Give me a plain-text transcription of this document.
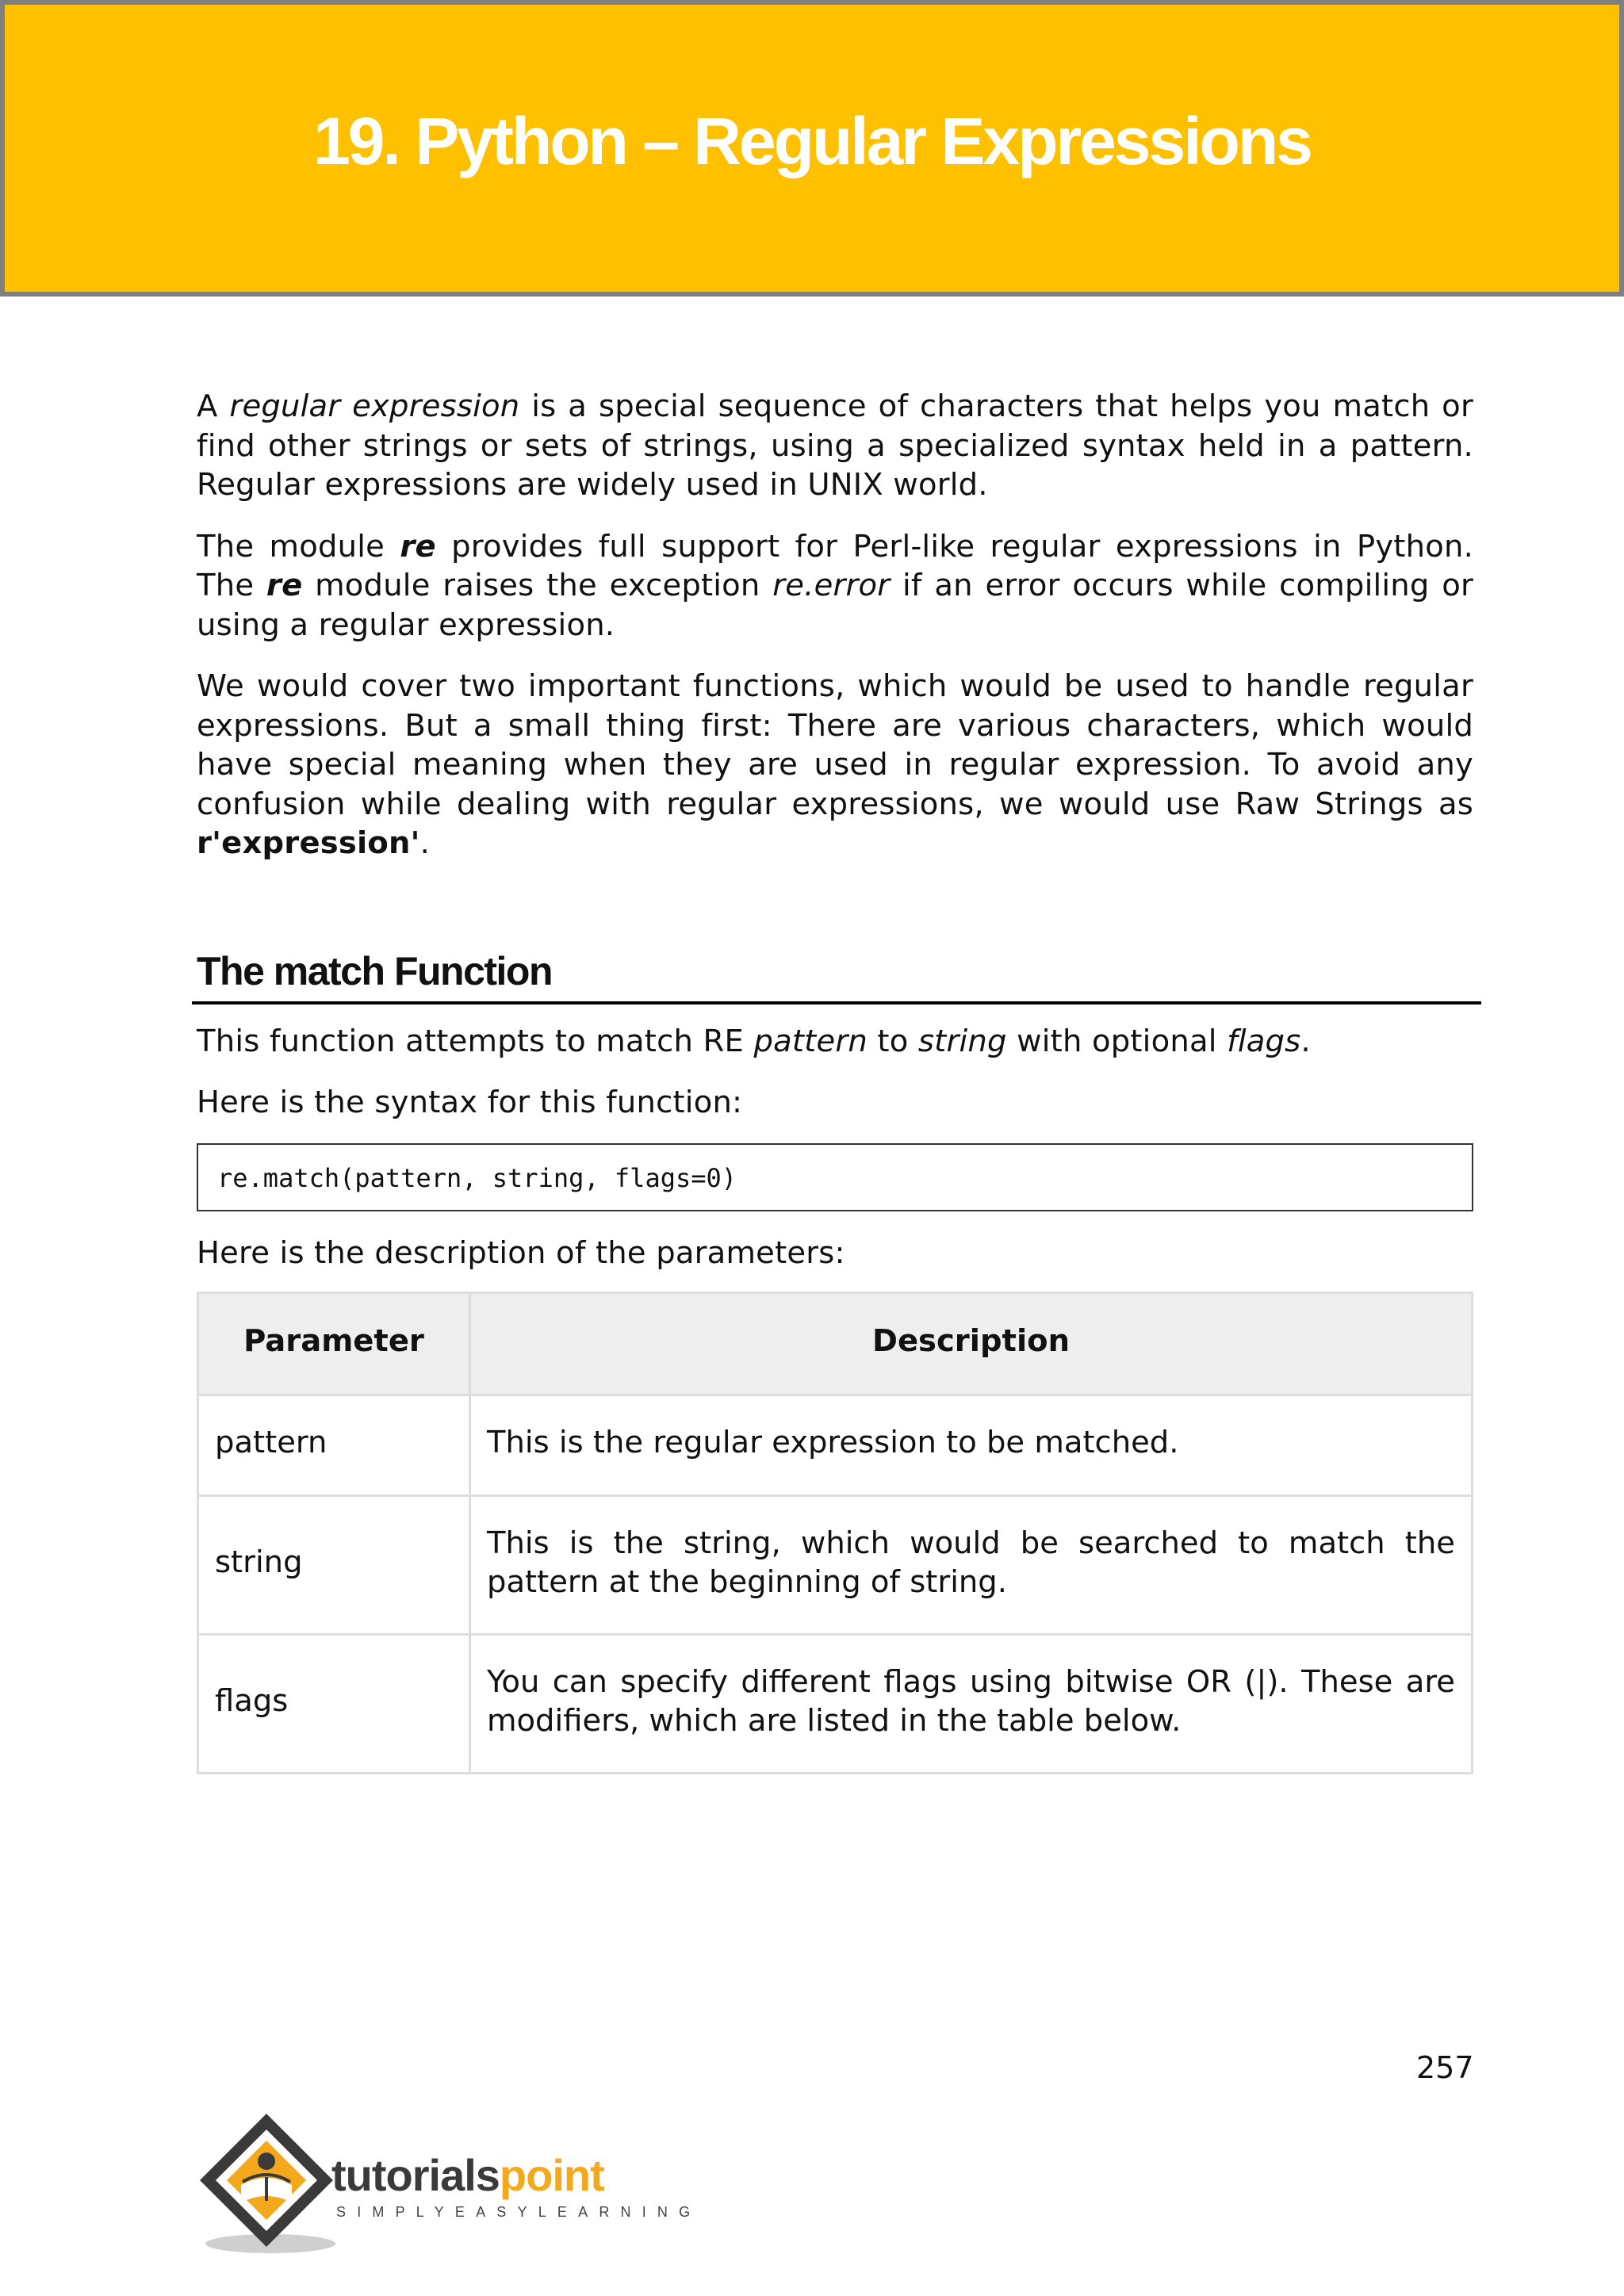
19. Python – Regular Expressions

A regular expression is a special sequence of characters that helps you match or find other strings or sets of strings, using a specialized syntax held in a pattern. Regular expressions are widely used in UNIX world.

The module re provides full support for Perl-like regular expressions in Python. The re module raises the exception re.error if an error occurs while compiling or using a regular expression.

We would cover two important functions, which would be used to handle regular expressions. But a small thing first: There are various characters, which would have special meaning when they are used in regular expression. To avoid any confusion while dealing with regular expressions, we would use Raw Strings as r'expression'.

The match Function

This function attempts to match RE pattern to string with optional flags.

Here is the syntax for this function:

re.match(pattern, string, flags=0)

Here is the description of the parameters:

Parameter	Description
pattern	This is the regular expression to be matched.
string	This is the string, which would be searched to match the pattern at the beginning of string.
flags	You can specify different flags using bitwise OR (|). These are modifiers, which are listed in the table below.
257
tutorialspoint
SIMPLYEASYLEARNING
